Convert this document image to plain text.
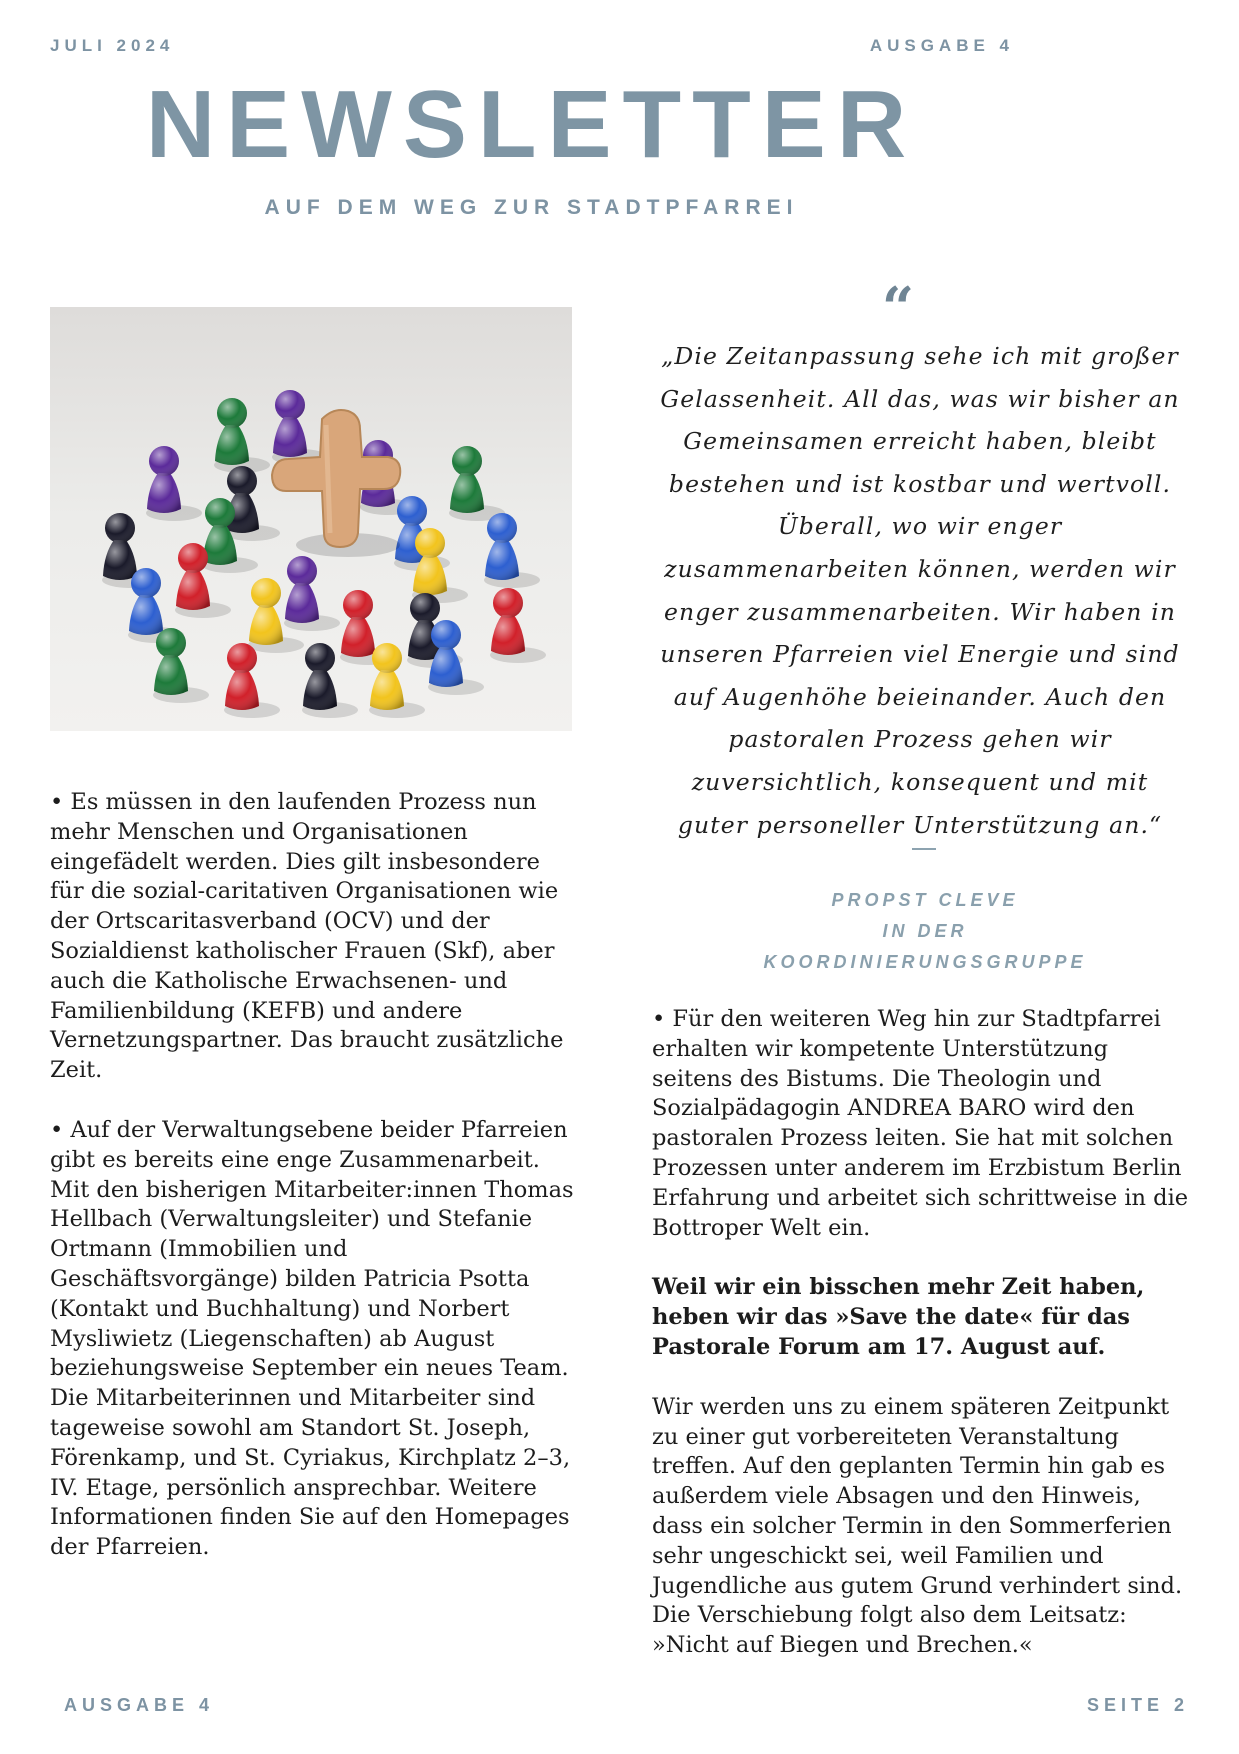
JULI 2024	AUSGABE 4
NEWSLETTER
AUF DEM WEG ZUR STADTPFARREI

• Es müssen in den laufenden Prozess nun mehr Menschen und Organisationen eingefädelt werden. Dies gilt insbesondere für die sozial-caritativen Organisationen wie der Ortscaritasverband (OCV) und der Sozialdienst katholischer Frauen (Skf), aber auch die Katholische Erwachsenen- und Familienbildung (KEFB) und andere Vernetzungspartner. Das braucht zusätzliche Zeit.

• Auf der Verwaltungsebene beider Pfarreien gibt es bereits eine enge Zusammenarbeit. Mit den bisherigen Mitarbeiter:innen Thomas Hellbach (Verwaltungsleiter) und Stefanie Ortmann (Immobilien und Geschäftsvorgänge) bilden Patricia Psotta (Kontakt und Buchhaltung) und Norbert Mysliwietz (Liegenschaften) ab August beziehungsweise September ein neues Team. Die Mitarbeiterinnen und Mitarbeiter sind tageweise sowohl am Standort St. Joseph, Förenkamp, und St. Cyriakus, Kirchplatz 2–3, IV. Etage, persönlich ansprechbar. Weitere Informationen finden Sie auf den Homepages der Pfarreien.

“
„Die Zeitanpassung sehe ich mit großer Gelassenheit. All das, was wir bisher an Gemeinsamen erreicht haben, bleibt bestehen und ist kostbar und wertvoll. Überall, wo wir enger zusammenarbeiten können, werden wir enger zusammenarbeiten. Wir haben in unseren Pfarreien viel Energie und sind auf Augenhöhe beieinander. Auch den pastoralen Prozess gehen wir zuversichtlich, konsequent und mit guter personeller Unterstützung an.“
PROPST CLEVE
IN DER
KOORDINIERUNGSGRUPPE

• Für den weiteren Weg hin zur Stadtpfarrei erhalten wir kompetente Unterstützung seitens des Bistums. Die Theologin und Sozialpädagogin ANDREA BARO wird den pastoralen Prozess leiten. Sie hat mit solchen Prozessen unter anderem im Erzbistum Berlin Erfahrung und arbeitet sich schrittweise in die Bottroper Welt ein.

Weil wir ein bisschen mehr Zeit haben, heben wir das »Save the date« für das Pastorale Forum am 17. August auf.

Wir werden uns zu einem späteren Zeitpunkt zu einer gut vorbereiteten Veranstaltung treffen. Auf den geplanten Termin hin gab es außerdem viele Absagen und den Hinweis, dass ein solcher Termin in den Sommerferien sehr ungeschickt sei, weil Familien und Jugendliche aus gutem Grund verhindert sind. Die Verschiebung folgt also dem Leitsatz: »Nicht auf Biegen und Brechen.«

AUSGABE 4	SEITE 2
